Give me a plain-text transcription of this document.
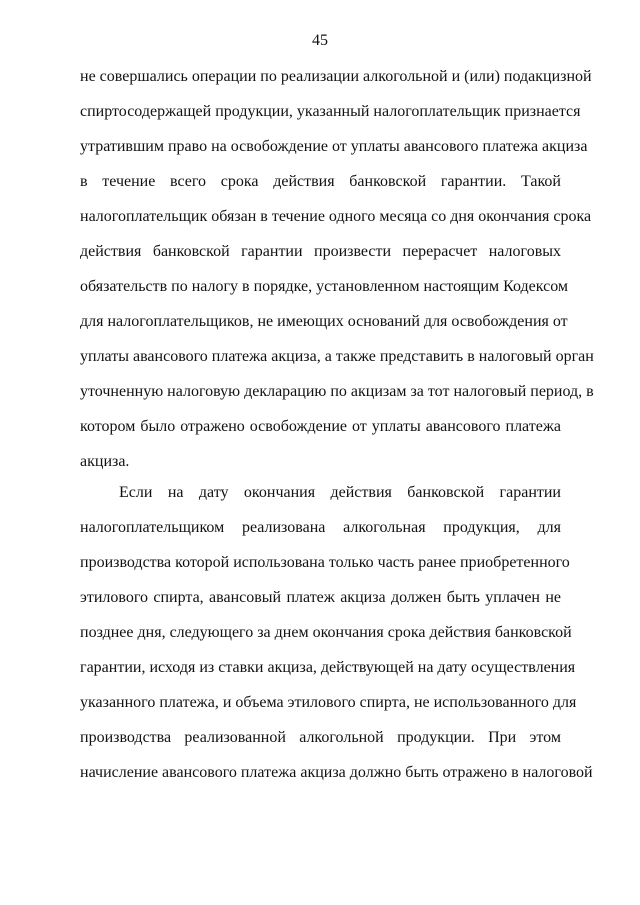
45
не совершались операции по реализации алкогольной и (или) подакцизной
спиртосодержащей продукции, указанный налогоплательщик признается
утратившим право на освобождение от уплаты авансового платежа акциза
в течение всего срока действия банковской гарантии. Такой
налогоплательщик обязан в течение одного месяца со дня окончания срока
действия банковской гарантии произвести перерасчет налоговых
обязательств по налогу в порядке, установленном настоящим Кодексом
для налогоплательщиков, не имеющих оснований для освобождения от
уплаты авансового платежа акциза, а также представить в налоговый орган
уточненную налоговую декларацию по акцизам за тот налоговый период, в
котором было отражено освобождение от уплаты авансового платежа
акциза.
Если на дату окончания действия банковской гарантии
налогоплательщиком реализована алкогольная продукция, для
производства которой использована только часть ранее приобретенного
этилового спирта, авансовый платеж акциза должен быть уплачен не
позднее дня, следующего за днем окончания срока действия банковской
гарантии, исходя из ставки акциза, действующей на дату осуществления
указанного платежа, и объема этилового спирта, не использованного для
производства реализованной алкогольной продукции. При этом
начисление авансового платежа акциза должно быть отражено в налоговой
